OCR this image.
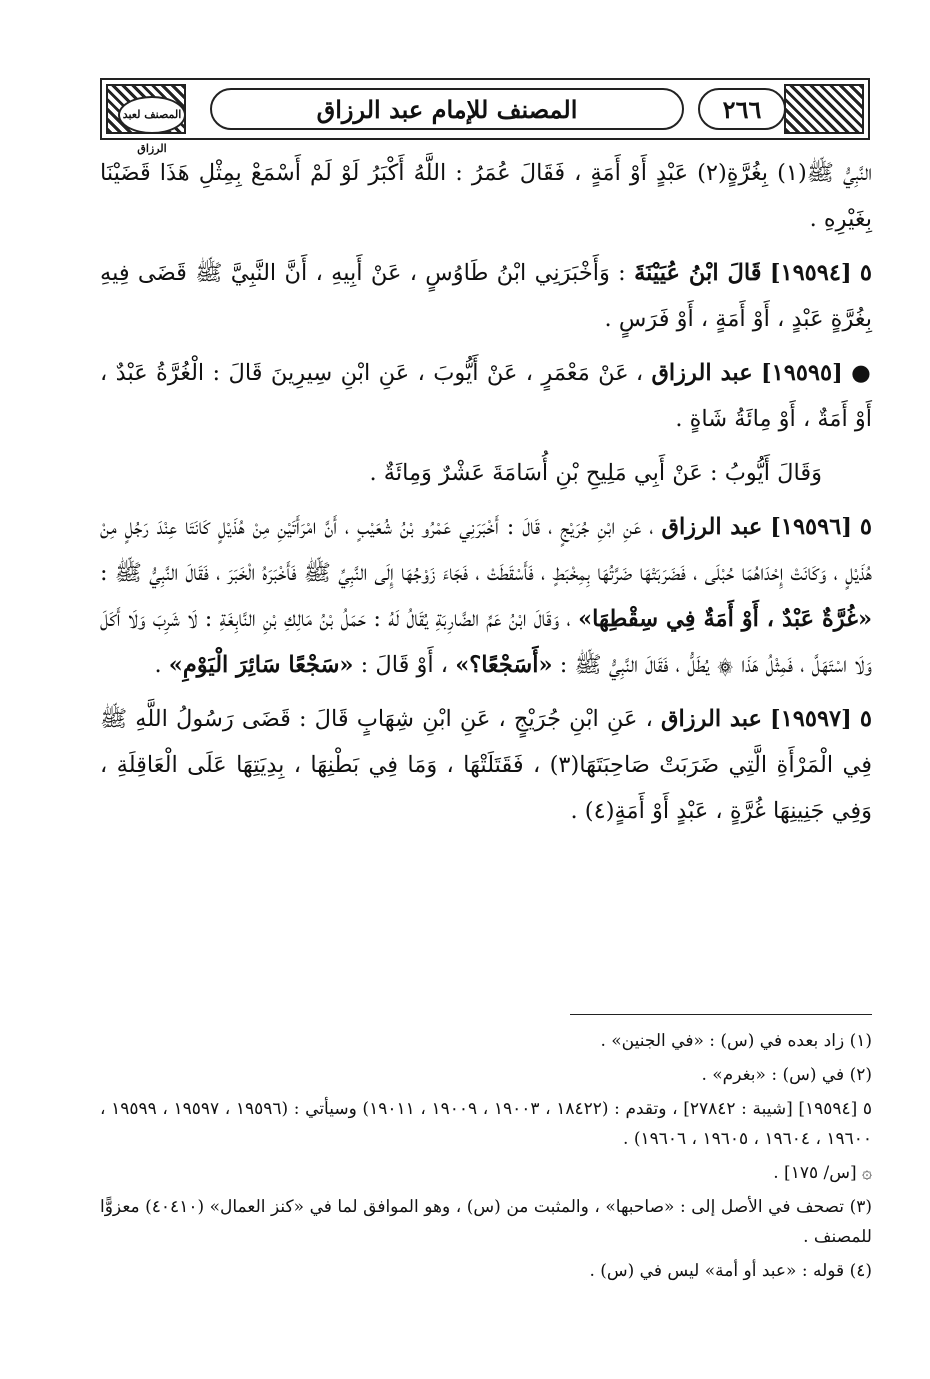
المصنف لعبد الرزاق
المصنف للإمام عبد الرزاق	٢٦٦

النَّبِيُّ ﷺ(١) بِغُرَّةٍ(٢) عَبْدٍ أَوْ أَمَةٍ ، فَقَالَ عُمَرُ : اللَّهُ أَكْبَرُ لَوْ لَمْ أَسْمَعْ بِمِثْلِ هَذَا قَضَيْنَا بِغَيْرِهِ .

٥ [١٩٥٩٤] قَالَ ابْنُ عُيَيْنَةَ : وَأَخْبَرَنِي ابْنُ طَاوُسٍ ، عَنْ أَبِيهِ ، أَنَّ النَّبِيَّ ﷺ قَضَى فِيهِ بِغُرَّةٍ عَبْدٍ ، أَوْ أَمَةٍ ، أَوْ فَرَسٍ .

● [١٩٥٩٥] عبد الرزاق ، عَنْ مَعْمَرٍ ، عَنْ أَيُّوبَ ، عَنِ ابْنِ سِيرِينَ قَالَ : الْغُرَّةُ عَبْدٌ ، أَوْ أَمَةٌ ، أَوْ مِائَةُ شَاةٍ .

وَقَالَ أَيُّوبُ : عَنْ أَبِي مَلِيحِ بْنِ أُسَامَةَ عَشْرٌ وَمِائَةٌ .

٥ [١٩٥٩٦] عبد الرزاق ، عَنِ ابْنِ جُرَيْجٍ ، قَالَ : أَخْبَرَنِي عَمْرُو بْنُ شُعَيْبٍ ، أَنَّ امْرَأَتَيْنِ مِنْ هُذَيْلٍ كَانَتَا عِنْدَ رَجُلٍ مِنْ هُذَيْلٍ ، وَكَانَتْ إِحْدَاهُمَا حُبْلَى ، فَضَرَبَتْهَا ضَرَّتُهَا بِمِخْبَطٍ ، فَأَسْقَطَتْ ، فَجَاءَ زَوْجُهَا إِلَى النَّبِيِّ ﷺ فَأَخْبَرَهُ الْخَبَرَ ، فَقَالَ النَّبِيُّ ﷺ : «غُرَّةٌ عَبْدٌ ، أَوْ أَمَةٌ فِي سِقْطِهَا» ، وَقَالَ ابْنُ عَمِّ الضَّارِبَةِ يُقَالُ لَهُ : حَمَلُ بْنُ مَالِكِ بْنِ النَّابِغَةِ : لَا شَرِبَ وَلَا أَكَلَ وَلَا اسْتَهَلَّ ، فَمِثْلُ هَذَا ۞ يُطَلُّ ، فَقَالَ النَّبِيُّ ﷺ : «أَسَجْعًا؟» ، أَوْ قَالَ : «سَجْعًا سَائِرَ الْيَوْمِ» .

٥ [١٩٥٩٧] عبد الرزاق ، عَنِ ابْنِ جُرَيْجٍ ، عَنِ ابْنِ شِهَابٍ قَالَ : قَضَى رَسُولُ اللَّهِ ﷺ فِي الْمَرْأَةِ الَّتِي ضَرَبَتْ صَاحِبَتَهَا(٣) ، فَقَتَلَتْهَا ، وَمَا فِي بَطْنِهَا ، بِدِيَتِهَا عَلَى الْعَاقِلَةِ ، وَفِي جَنِينِهَا غُرَّةٍ ، عَبْدٍ أَوْ أَمَةٍ(٤) .

(١) زاد بعده في (س) : «في الجنين» .

(٢) في (س) : «بغرم» .

٥ [١٩٥٩٤] [شيبة : ٢٧٨٤٢] ، وتقدم : (١٨٤٢٢ ، ١٩٠٠٣ ، ١٩٠٠٩ ، ١٩٠١١) وسيأتي : (١٩٥٩٦ ، ١٩٥٩٧ ، ١٩٥٩٩ ، ١٩٦٠٠ ، ١٩٦٠٤ ، ١٩٦٠٥ ، ١٩٦٠٦) .

۞ [س/ ١٧٥] .

(٣) تصحف في الأصل إلى : «صاحبها» ، والمثبت من (س) ، وهو الموافق لما في «كنز العمال» (٤٠٤١٠) معزوًّا للمصنف .

(٤) قوله : «عبد أو أمة» ليس في (س) .
